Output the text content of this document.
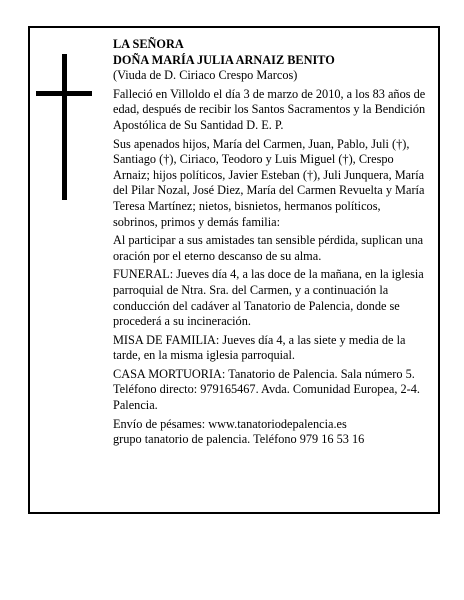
LA SEÑORA

DOÑA MARÍA JULIA ARNAIZ BENITO

(Viuda de D. Ciriaco Crespo Marcos)

Falleció en Villoldo el día 3 de marzo de 2010, a los 83 años de edad, después de recibir los Santos Sacramentos y la Bendición Apostólica de Su Santidad D. E. P.

Sus apenados hijos, María del Carmen, Juan, Pablo, Juli (†), Santiago (†), Ciriaco, Teodoro y Luis Miguel (†), Crespo Arnaiz; hijos políticos, Javier Esteban (†), Juli Junquera, María del Pilar Nozal, José Diez, María del Carmen Revuelta y María Teresa Martínez; nietos, bisnietos, hermanos políticos, sobrinos, primos y demás familia:

Al participar a sus amistades tan sensible pérdida, suplican una oración por el eterno descanso de su alma.

FUNERAL: Jueves día 4, a las doce de la mañana, en la iglesia parroquial de Ntra. Sra. del Carmen, y a continuación la conducción del cadáver al Tanatorio de Palencia, donde se procederá a su incineración.

MISA DE FAMILIA: Jueves día 4, a las siete y media de la tarde, en la misma iglesia parroquial.

CASA MORTUORIA: Tanatorio de Palencia. Sala número 5. Teléfono directo: 979165467. Avda. Comunidad Europea, 2-4. Palencia.

Envío de pésames: www.tanatoriodepalencia.es

grupo tanatorio de palencia. Teléfono 979 16 53 16
